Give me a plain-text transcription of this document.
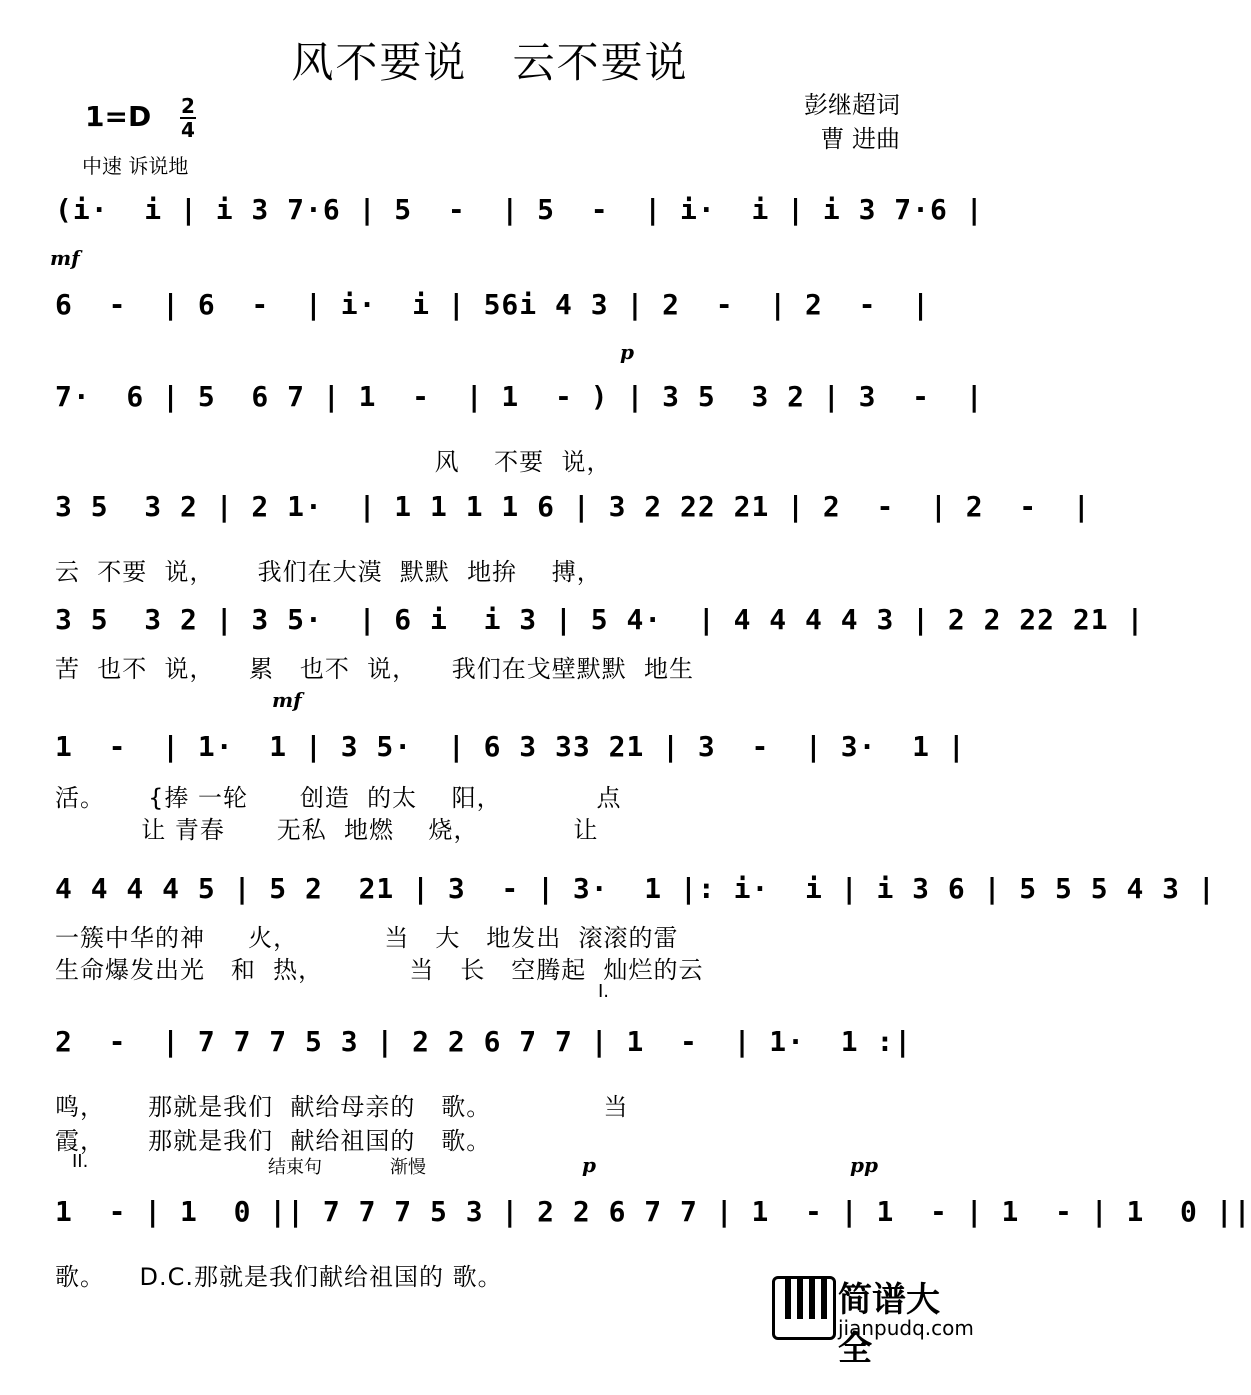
风不要说 云不要说
彭继超词
曹 进曲
1=D 2
4
中速 诉说地
(i·  i | i 3 7·6 | 5  -  | 5  -  | i·  i | i 3 7·6 |
mf
6  -  | 6  -  | i·  i | 56i 4 3 | 2  -  | 2  -  |
p
7·  6 | 5  6 7 | 1  -  | 1  - ) | 3 5  3 2 | 3  -  |
风    不要  说，
3 5  3 2 | 2 1·  | 1 1 1 1 6 | 3 2 22 21 | 2  -  | 2  -  |
云  不要  说，     我们在大漠  默默  地拚    搏，
3 5  3 2 | 3 5·  | 6 i  i 3 | 5 4·  | 4 4 4 4 3 | 2 2 22 21 |
苦  也不  说，    累   也不  说，    我们在戈壁默默  地生
mf
1  -  | 1·  1 | 3 5·  | 6 3 33 21 | 3  -  | 3·  1 |
活。     {捧 一轮      创造  的太    阳，           点
让 青春      无私  地燃    烧，           让
4 4 4 4 5 | 5 2  21 | 3  - | 3·  1 |: i·  i | i 3 6 | 5 5 5 4 3 |
一簇中华的神     火，          当   大   地发出  滚滚的雷
生命爆发出光   和  热，          当   长   空腾起  灿烂的云
I.
2  -  | 7 7 7 5 3 | 2 2 6 7 7 | 1  -  | 1·  1 :|
鸣，     那就是我们  献给母亲的   歌。             当
霞，     那就是我们  献给祖国的   歌。
II.	结束句	渐慢	p	pp
1  - | 1  0 || 7 7 7 5 3 | 2 2 6 7 7 | 1  - | 1  - | 1  - | 1  0 ||
歌。    D.C.那就是我们献给祖国的 歌。
简谱大全
jianpudq.com
